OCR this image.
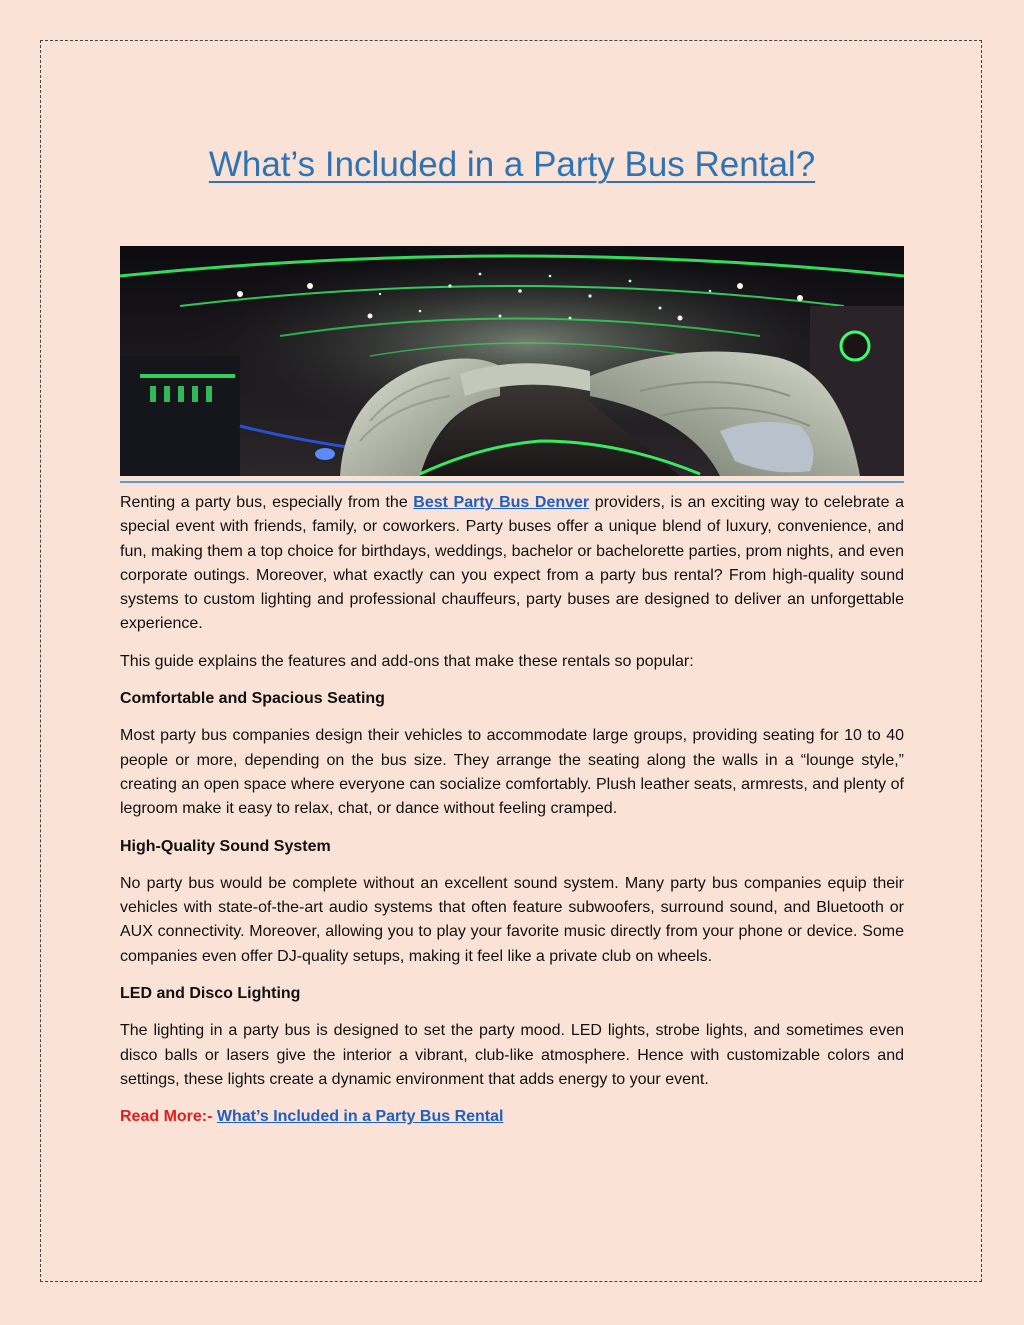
What’s Included in a Party Bus Rental?

Renting a party bus, especially from the Best Party Bus Denver providers, is an exciting way to celebrate a special event with friends, family, or coworkers. Party buses offer a unique blend of luxury, convenience, and fun, making them a top choice for birthdays, weddings, bachelor or bachelorette parties, prom nights, and even corporate outings. Moreover, what exactly can you expect from a party bus rental? From high-quality sound systems to custom lighting and professional chauffeurs, party buses are designed to deliver an unforgettable experience.

This guide explains the features and add-ons that make these rentals so popular:

Comfortable and Spacious Seating

Most party bus companies design their vehicles to accommodate large groups, providing seating for 10 to 40 people or more, depending on the bus size. They arrange the seating along the walls in a “lounge style,” creating an open space where everyone can socialize comfortably. Plush leather seats, armrests, and plenty of legroom make it easy to relax, chat, or dance without feeling cramped.

High-Quality Sound System

No party bus would be complete without an excellent sound system. Many party bus companies equip their vehicles with state-of-the-art audio systems that often feature subwoofers, surround sound, and Bluetooth or AUX connectivity. Moreover, allowing you to play your favorite music directly from your phone or device. Some companies even offer DJ-quality setups, making it feel like a private club on wheels.

LED and Disco Lighting

The lighting in a party bus is designed to set the party mood. LED lights, strobe lights, and sometimes even disco balls or lasers give the interior a vibrant, club-like atmosphere. Hence with customizable colors and settings, these lights create a dynamic environment that adds energy to your event.

Read More:- What’s Included in a Party Bus Rental
